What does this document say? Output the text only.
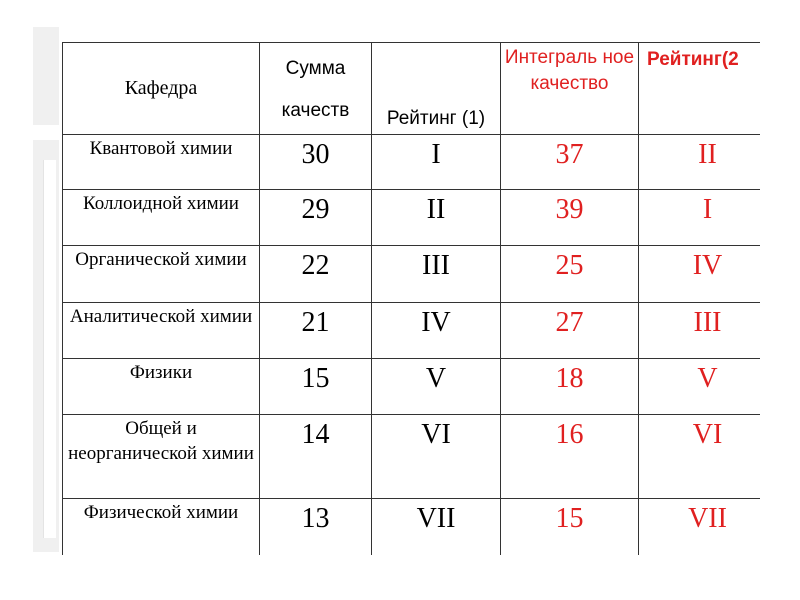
Кафедра	Сумма качеств	Рейтинг (1)	Интеграль ное качество	Рейтинг(2
Квантовой химии	30	I	37	II
Коллоидной химии	29	II	39	I
Органической химии	22	III	25	IV
Аналитической химии	21	IV	27	III
Физики	15	V	18	V
Общей и неорганической химии	14	VI	16	VI
Физической химии	13	VII	15	VII
